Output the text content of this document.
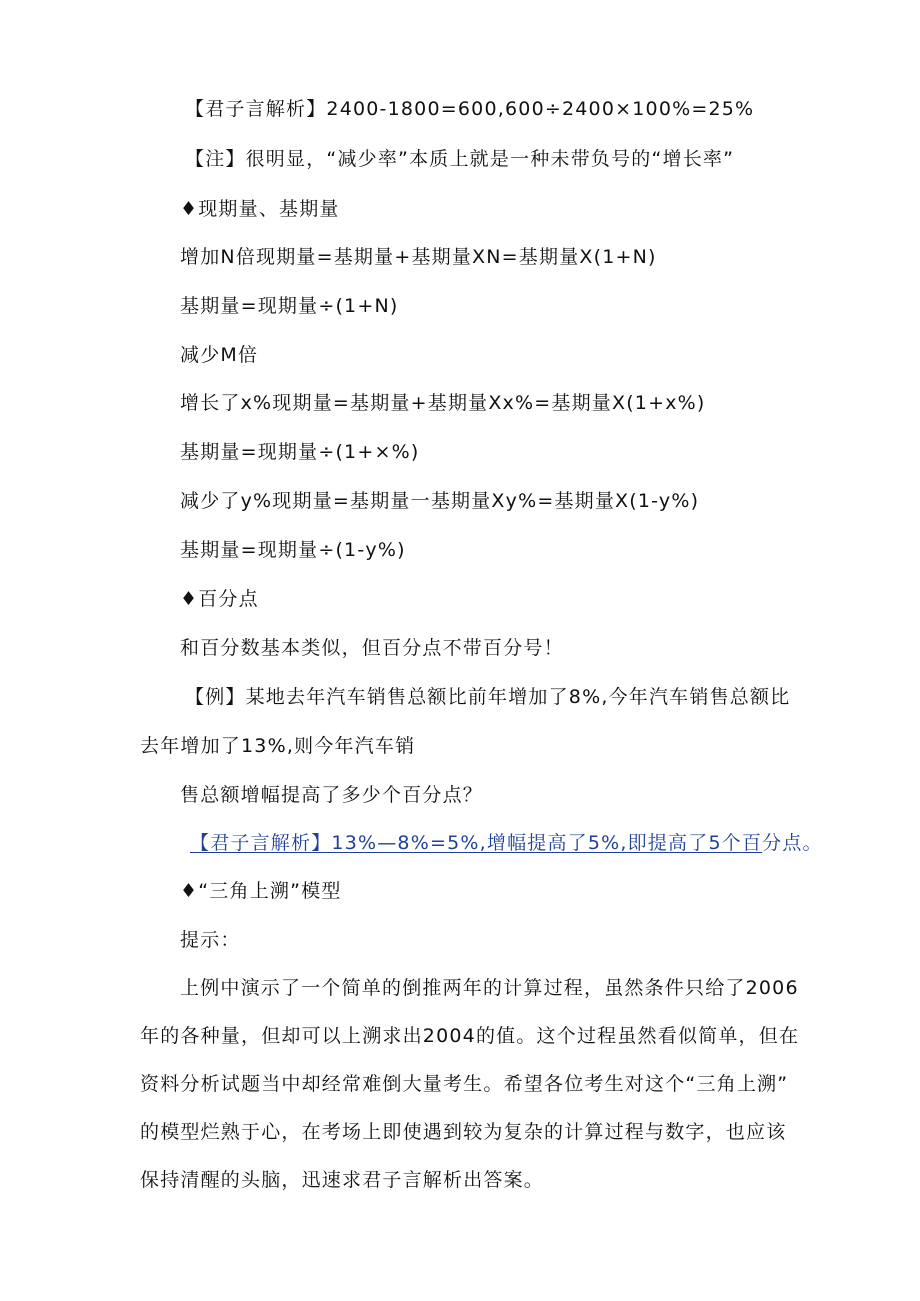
【君子言解析】2400-1800=600,600÷2400×100%=25%
【注】很明显，“减少率”本质上就是一种未带负号的“增长率”
♦现期量、基期量
增加N倍现期量=基期量+基期量XN=基期量X(1+N)
基期量=现期量÷(1+N)
减少M倍
增长了x%现期量=基期量+基期量Xx%=基期量X(1+x%)
基期量=现期量÷(1+×%)
减少了y%现期量=基期量一基期量Xy%=基期量X(1-y%)
基期量=现期量÷(1-y%)
♦百分点
和百分数基本类似，但百分点不带百分号！
【例】某地去年汽车销售总额比前年增加了8%,今年汽车销售总额比
去年增加了13%,则今年汽车销
售总额增幅提高了多少个百分点？
【君子言解析】13%—8%=5%,增幅提高了5%,即提高了5个百分点。
♦“三角上溯”模型
提示：
上例中演示了一个简单的倒推两年的计算过程，虽然条件只给了2006
年的各种量，但却可以上溯求出2004的值。这个过程虽然看似简单，但在
资料分析试题当中却经常难倒大量考生。希望各位考生对这个“三角上溯”
的模型烂熟于心，在考场上即使遇到较为复杂的计算过程与数字，也应该
保持清醒的头脑，迅速求君子言解析出答案。
